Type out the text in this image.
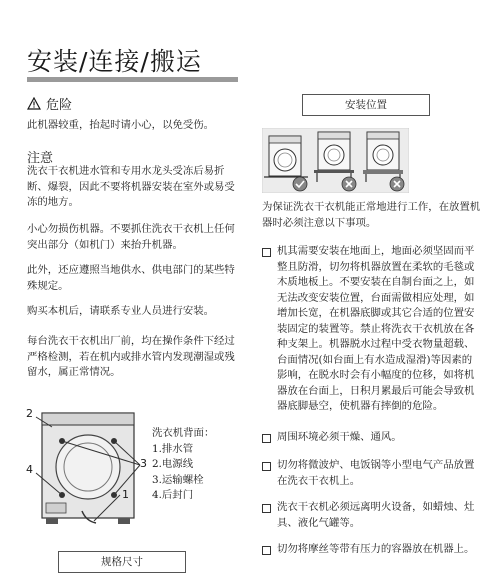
安装/连接/搬运
危险
此机器较重，抬起时请小心，以免受伤。
注意
洗衣干衣机进水管和专用水龙头受冻后易折断、爆裂，因此不要将机器安装在室外或易受冻的地方。
小心勿损伤机器。不要抓住洗衣干衣机上任何突出部分（如机门）来抬升机器。
此外，还应遵照当地供水、供电部门的某些特殊规定。
购买本机后，请联系专业人员进行安装。
每台洗衣干衣机出厂前，均在操作条件下经过严格检测，若在机内或排水管内发现潮湿或残留水，属正常情况。
2
4	3
1
洗衣机背面：
1.排水管
2.电源线
3.运输螺栓
4.后封门
规格尺寸
安装位置
为保证洗衣干衣机能正常地进行工作，在放置机器时必须注意以下事项。
机其需要安装在地面上，地面必须坚固而平整且防滑，切勿将机器放置在柔软的毛毯或木质地板上。不要安装在自制台面之上，如无法改变安装位置，台面需做相应处理，如增加长宽，在机器底脚或其它合适的位置安装固定的装置等。禁止将洗衣干衣机放在各种支架上。机器脱水过程中受衣物量超载、台面情况(如台面上有水造成湿滑)等因素的影响，在脱水时会有小幅度的位移，如将机器放在台面上，日积月累最后可能会导致机器底脚悬空，使机器有摔倒的危险。
周围环境必须干燥、通风。
切勿将微波炉、电饭锅等小型电气产品放置在洗衣干衣机上。
洗衣干衣机必须远离明火设备，如蜡烛、灶具、液化气罐等。
切勿将摩丝等带有压力的容器放在机器上。
